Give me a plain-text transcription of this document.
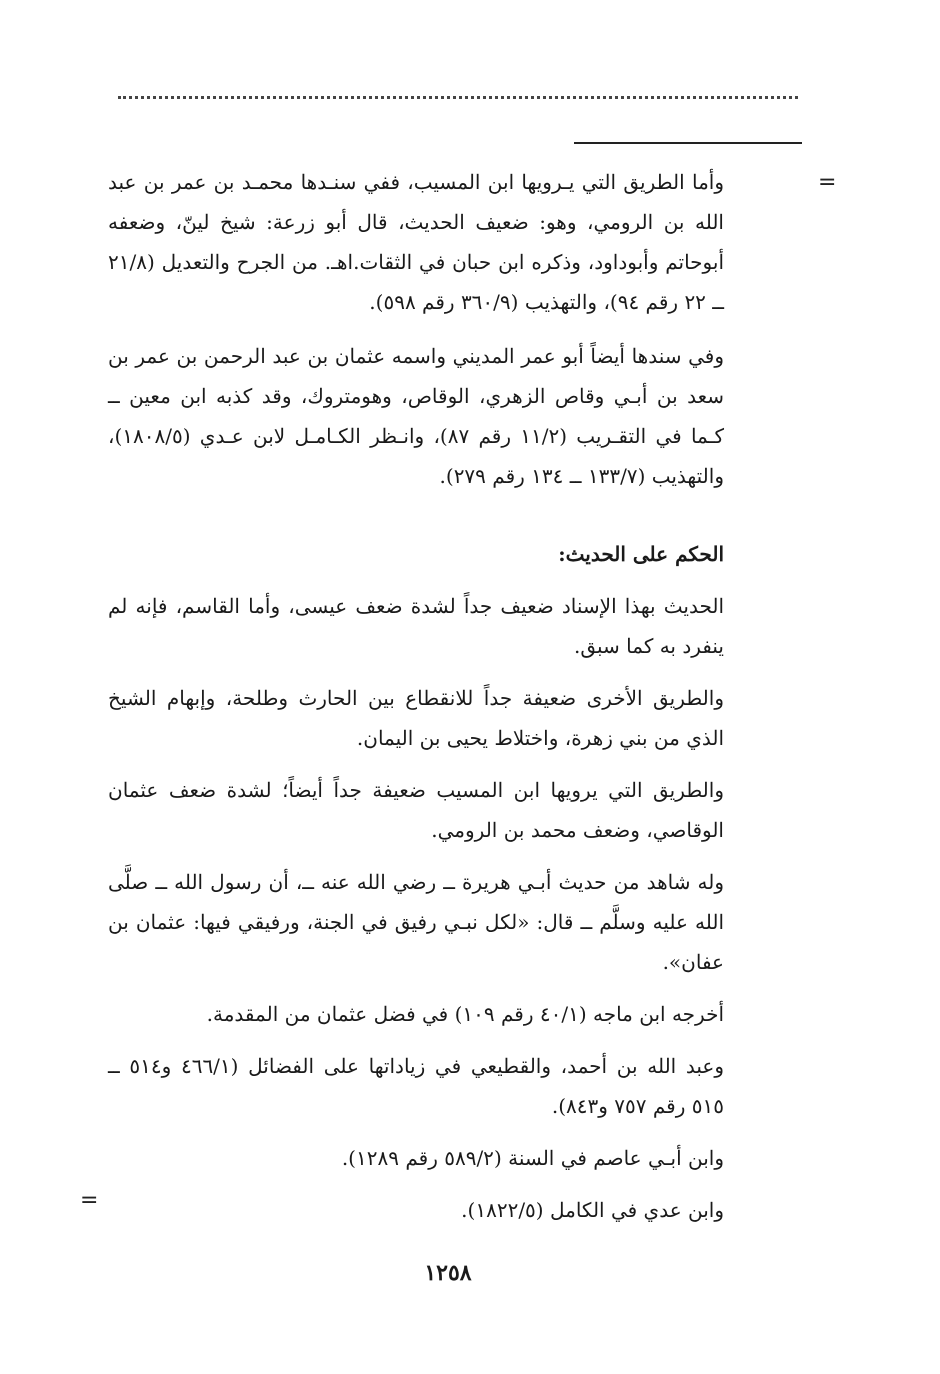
=

وأما الطريق التي يـرويها ابن المسيب، ففي سنـدها محمـد بن عمر بن عبد الله بن الرومي، وهو: ضعيف الحديث، قال أبو زرعة: شيخ لينّ، وضعفه أبوحاتم وأبوداود، وذكره ابن حبان في الثقات.اهـ. من الجرح والتعديل (٢١/٨ ــ ٢٢ رقم ٩٤)، والتهذيب (٣٦٠/٩ رقم ٥٩٨).

وفي سندها أيضاً أبو عمر المديني واسمه عثمان بن عبد الرحمن بن عمر بن سعد بن أبـي وقاص الزهري، الوقاص، وهومتروك، وقد كذبه ابن معين ــ كـما في التقـريب (١١/٢ رقم ٨٧)، وانـظر الكـامـل لابن عـدي (١٨٠٨/٥)، والتهذيب (١٣٣/٧ ــ ١٣٤ رقم ٢٧٩).

الحكم على الحديث:

الحديث بهذا الإسناد ضعيف جداً لشدة ضعف عيسى، وأما القاسم، فإنه لم ينفرد به كما سبق.

والطريق الأخرى ضعيفة جداً للانقطاع بين الحارث وطلحة، وإبهام الشيخ الذي من بني زهرة، واختلاط يحيى بن اليمان.

والطريق التي يرويها ابن المسيب ضعيفة جداً أيضاً؛ لشدة ضعف عثمان الوقاصي، وضعف محمد بن الرومي.

وله شاهد من حديث أبـي هريرة ــ رضي الله عنه ــ، أن رسول الله ــ صلَّى الله عليه وسلَّم ــ قال: «لكل نبـي رفيق في الجنة، ورفيقي فيها: عثمان بن عفان».

أخرجه ابن ماجه (٤٠/١ رقم ١٠٩) في فضل عثمان من المقدمة.

وعبد الله بن أحمد، والقطيعي في زياداتها على الفضائل (٤٦٦/١ و٥١٤ ــ ٥١٥ رقم ٧٥٧ و٨٤٣).

وابن أبـي عاصم في السنة (٥٨٩/٢ رقم ١٢٨٩).

وابن عدي في الكامل (١٨٢٢/٥).

=
١٢٥٨
